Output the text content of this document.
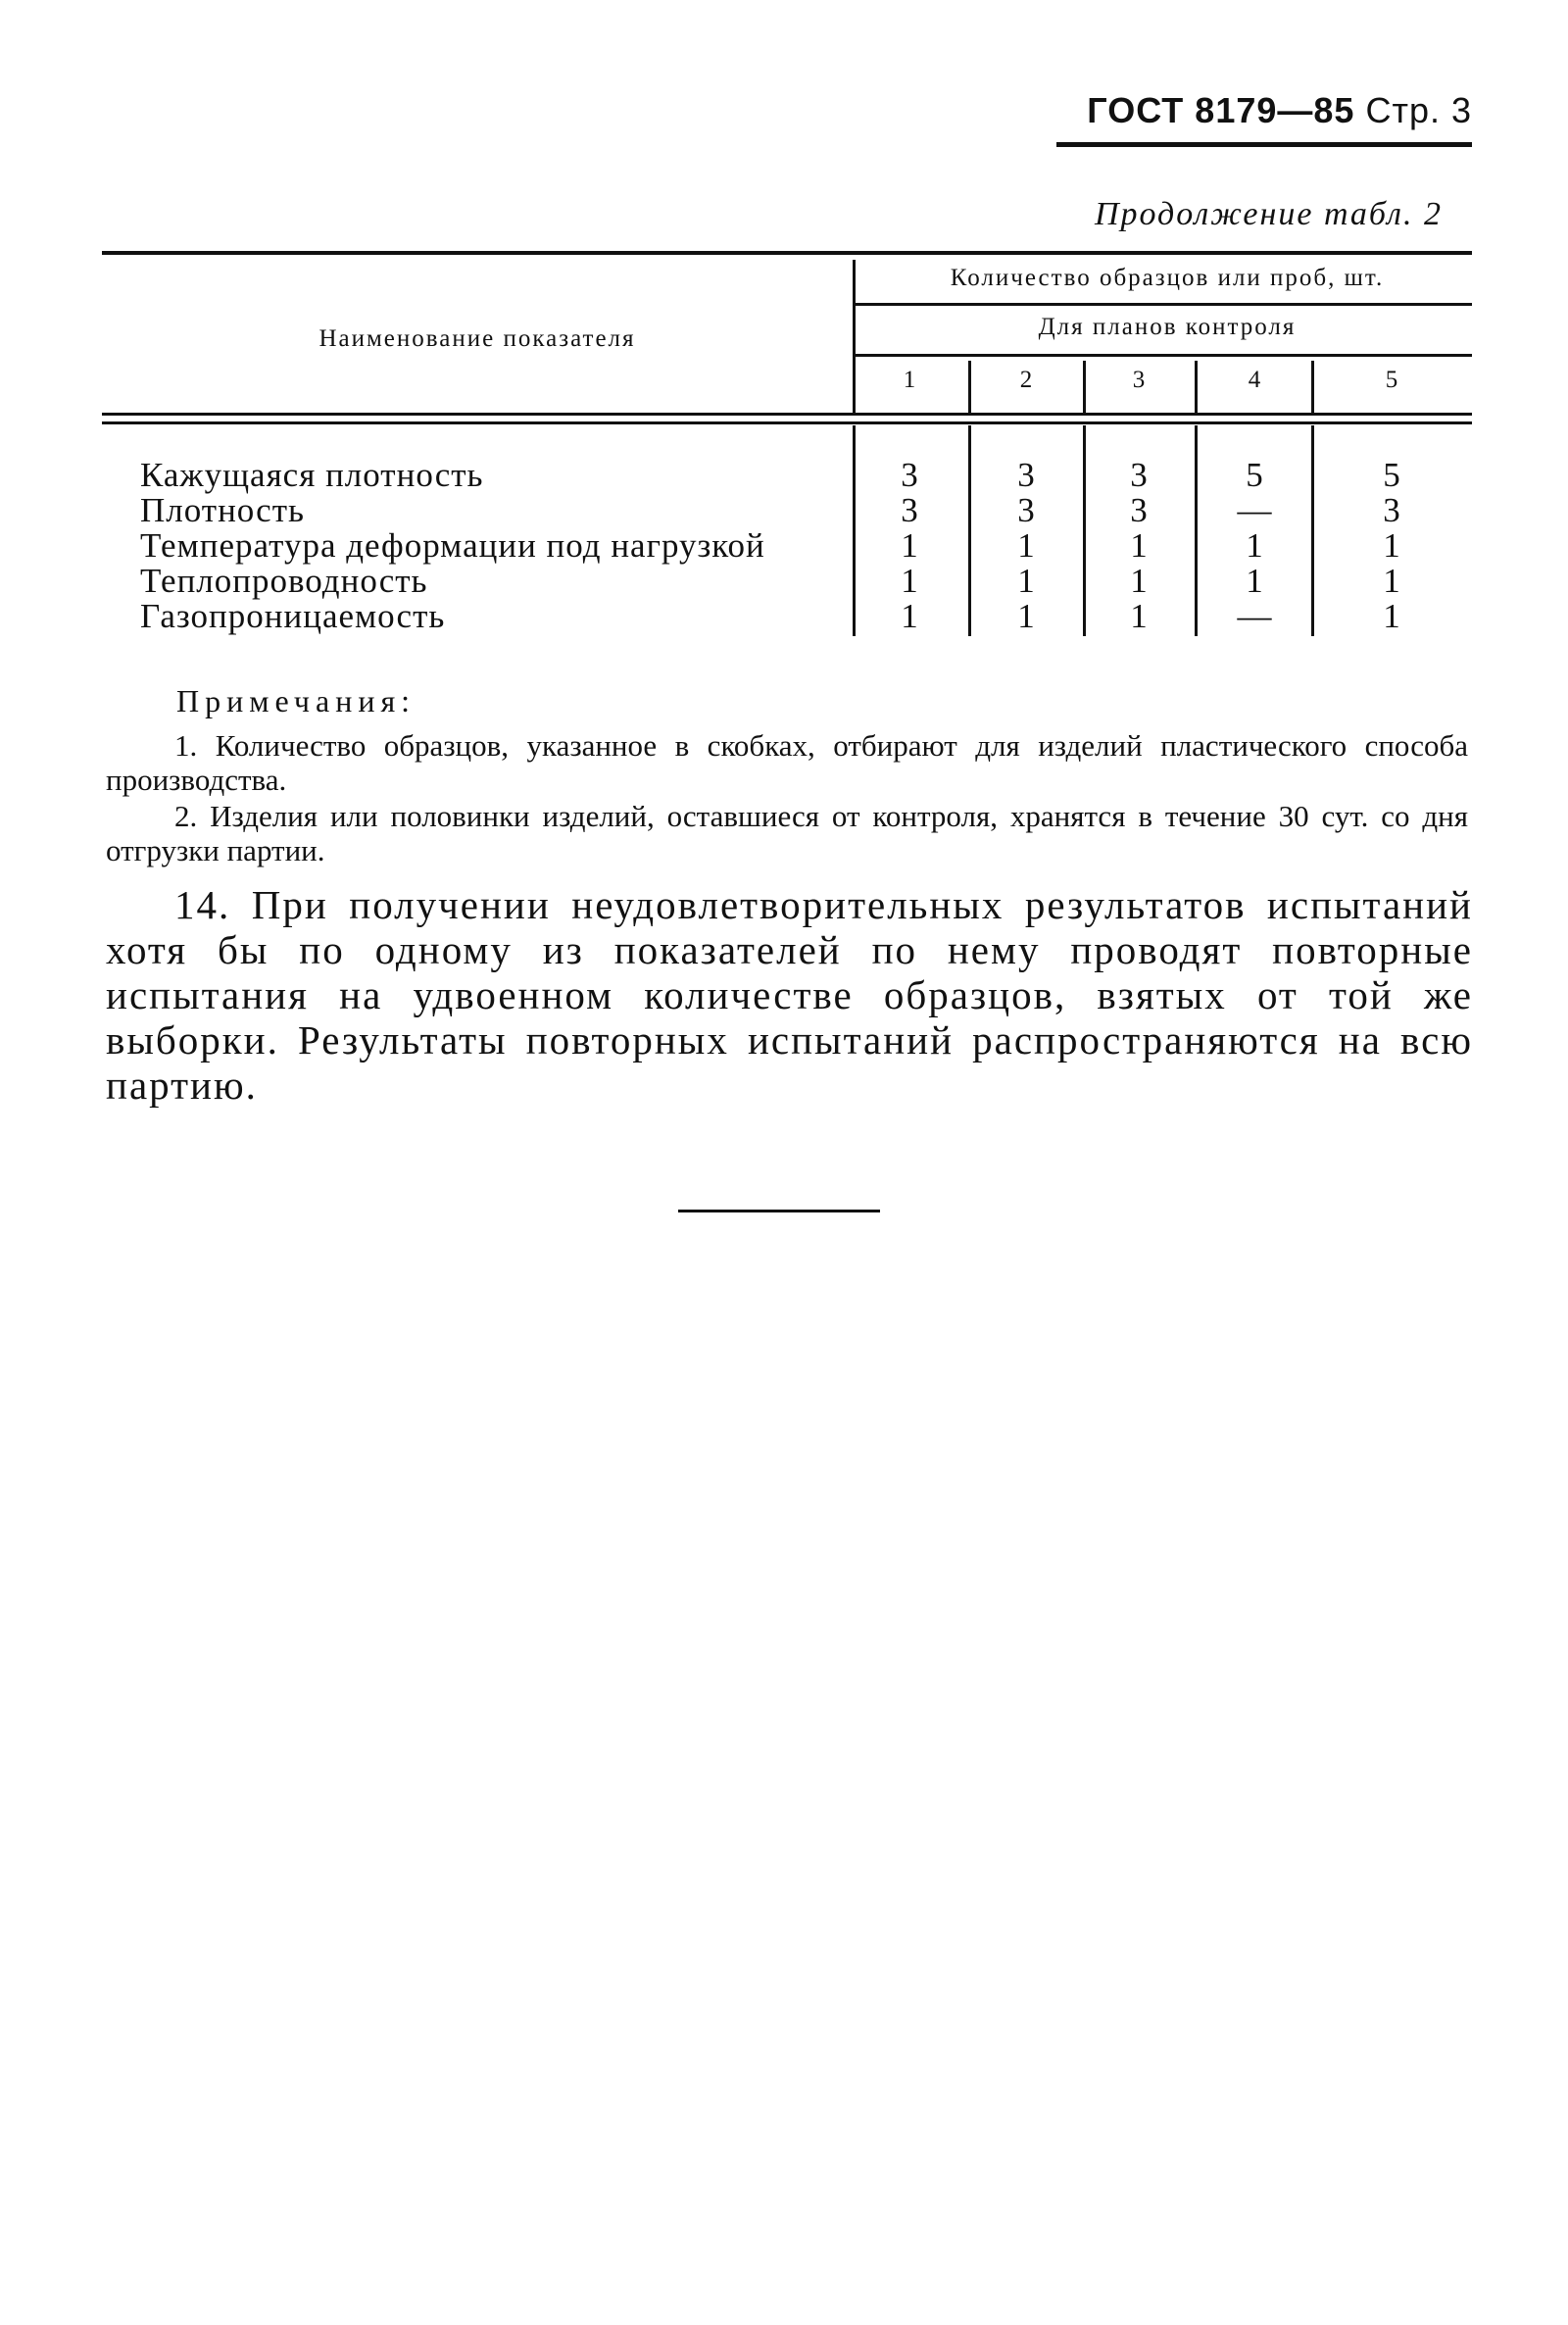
ГОСТ 8179—85 Стр. 3
Продолжение табл. 2
Наименование показателя
Количество образцов или проб, шт.
Для планов контроля
1	2	3	4	5
Кажущаяся плотность	3	3	3	5	5
Плотность	3	3	3	—	3
Температура деформации под нагрузкой	1	1	1	1	1
Теплопроводность	1	1	1	1	1
Газопроницаемость	1	1	1	—	1
Примечания:
1. Количество образцов, указанное в скобках, отбирают для изделий пластического способа производства.
2. Изделия или половинки изделий, оставшиеся от контроля, хранятся в течение 30 сут. со дня отгрузки партии.
14. При получении неудовлетворительных результатов испытаний хотя бы по одному из показателей по нему проводят повторные испытания на удвоенном количестве образцов, взятых от той же выборки. Результаты повторных испытаний распространяются на всю партию.
